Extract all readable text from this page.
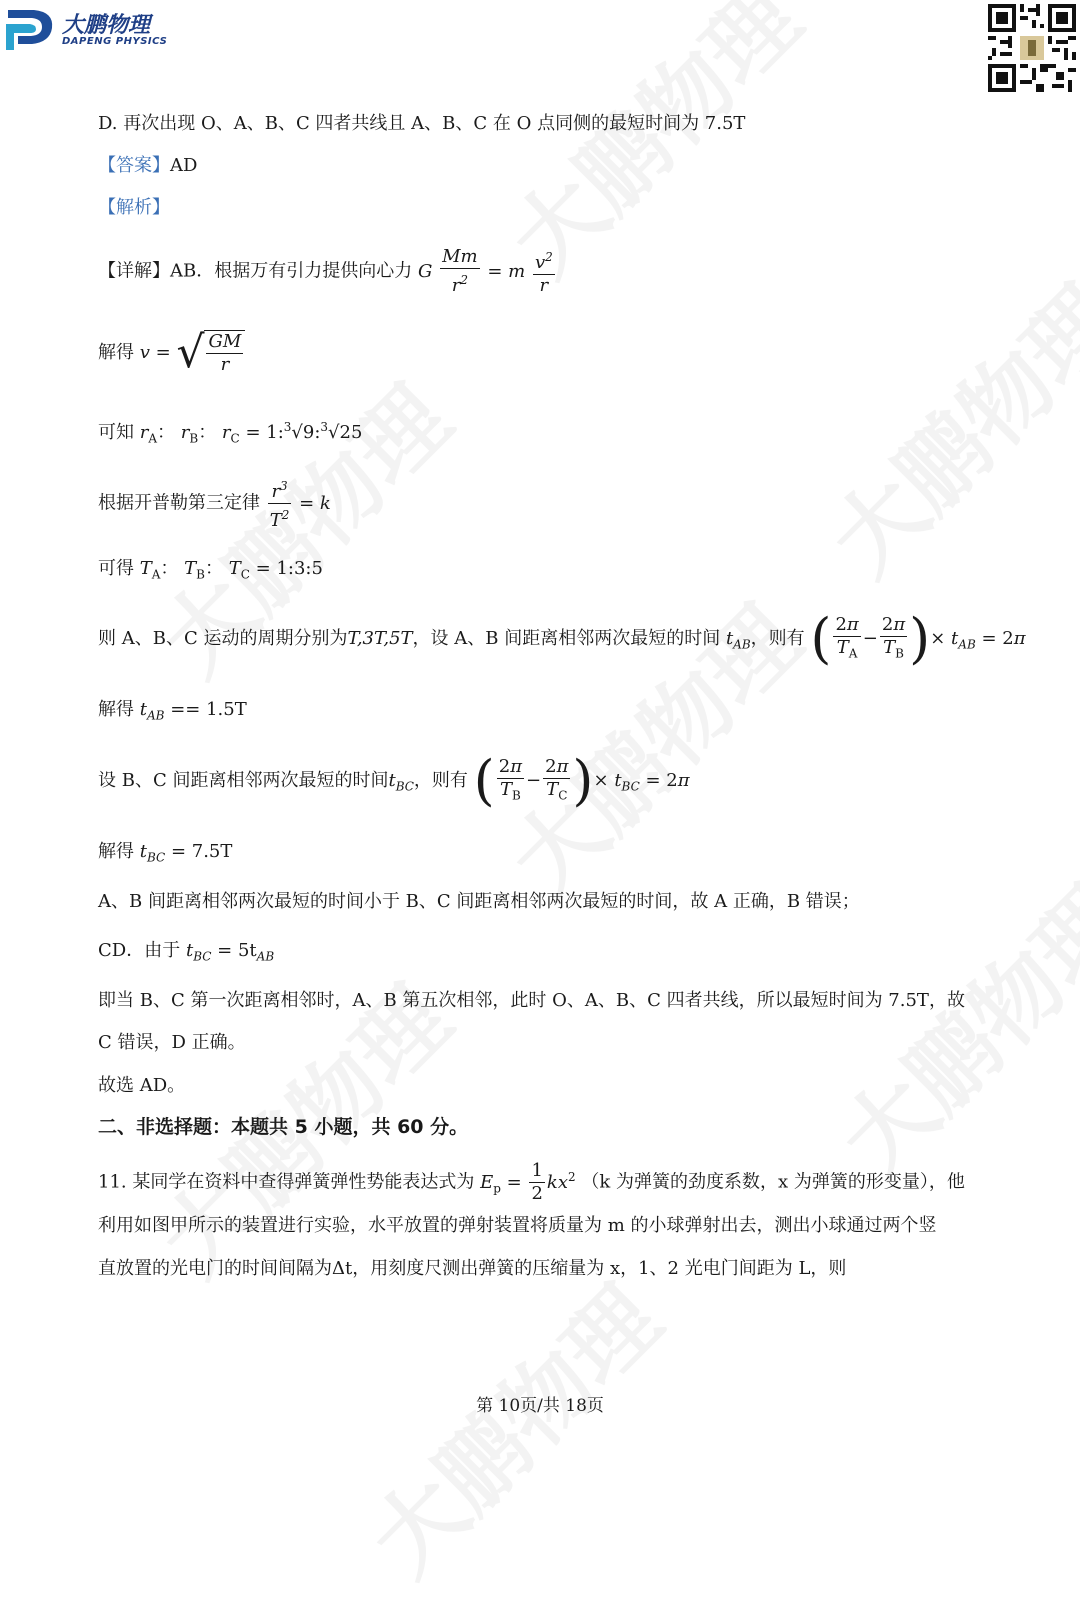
大鹏物理
DAPENG PHYSICS
D. 再次出现 O、A、B、C 四者共线且 A、B、C 在 O 点同侧的最短时间为 7.5T
【答案】AD
【解析】
【详解】AB．根据万有引力提供向心力 G $\frac{Mm}{r^2} = m \frac{v^2}{r}$
解得 v = √ $\frac{GM}{r}$
可知 $r_A$： $r_B$： $r_C$ = 1:$^3$√9:$^3$√25
根据开普勒第三定律 $\frac{r^3}{T^2} = k$
可得 $T_A$： $T_B$： $T_C$ = 1:3:5
则 A、B、C 运动的周期分别为T,3T,5T，设 A、B 间距离相邻两次最短的时间 $t_{AB}$，则有 ( $\frac{2\pi}{T_A} - \frac{2\pi}{T_B}$ )× $t_{AB} = 2\pi$
解得 $t_{AB} == 1.5T$
设 B、C 间距离相邻两次最短的时间$t_{BC}$，则有 ( $\frac{2\pi}{T_B} - \frac{2\pi}{T_C}$ )× $t_{BC} = 2\pi$
解得 $t_{BC} = 7.5T$
A、B 间距离相邻两次最短的时间小于 B、C 间距离相邻两次最短的时间，故 A 正确，B 错误；
CD．由于 $t_{BC} = 5t_{AB}$
即当 B、C 第一次距离相邻时，A、B 第五次相邻，此时 O、A、B、C 四者共线，所以最短时间为 7.5T，故
C 错误，D 正确。
故选 AD。
二、非选择题：本题共 5 小题，共 60 分。
11. 某同学在资料中查得弹簧弹性势能表达式为 $E_p = \frac{1}{2} kx^2$ （k 为弹簧的劲度系数，x 为弹簧的形变量），他
利用如图甲所示的装置进行实验，水平放置的弹射装置将质量为 m 的小球弹射出去，测出小球通过两个竖
直放置的光电门的时间间隔为Δt，用刻度尺测出弹簧的压缩量为 x，1、2 光电门间距为 L，则
第 10页/共 18页
